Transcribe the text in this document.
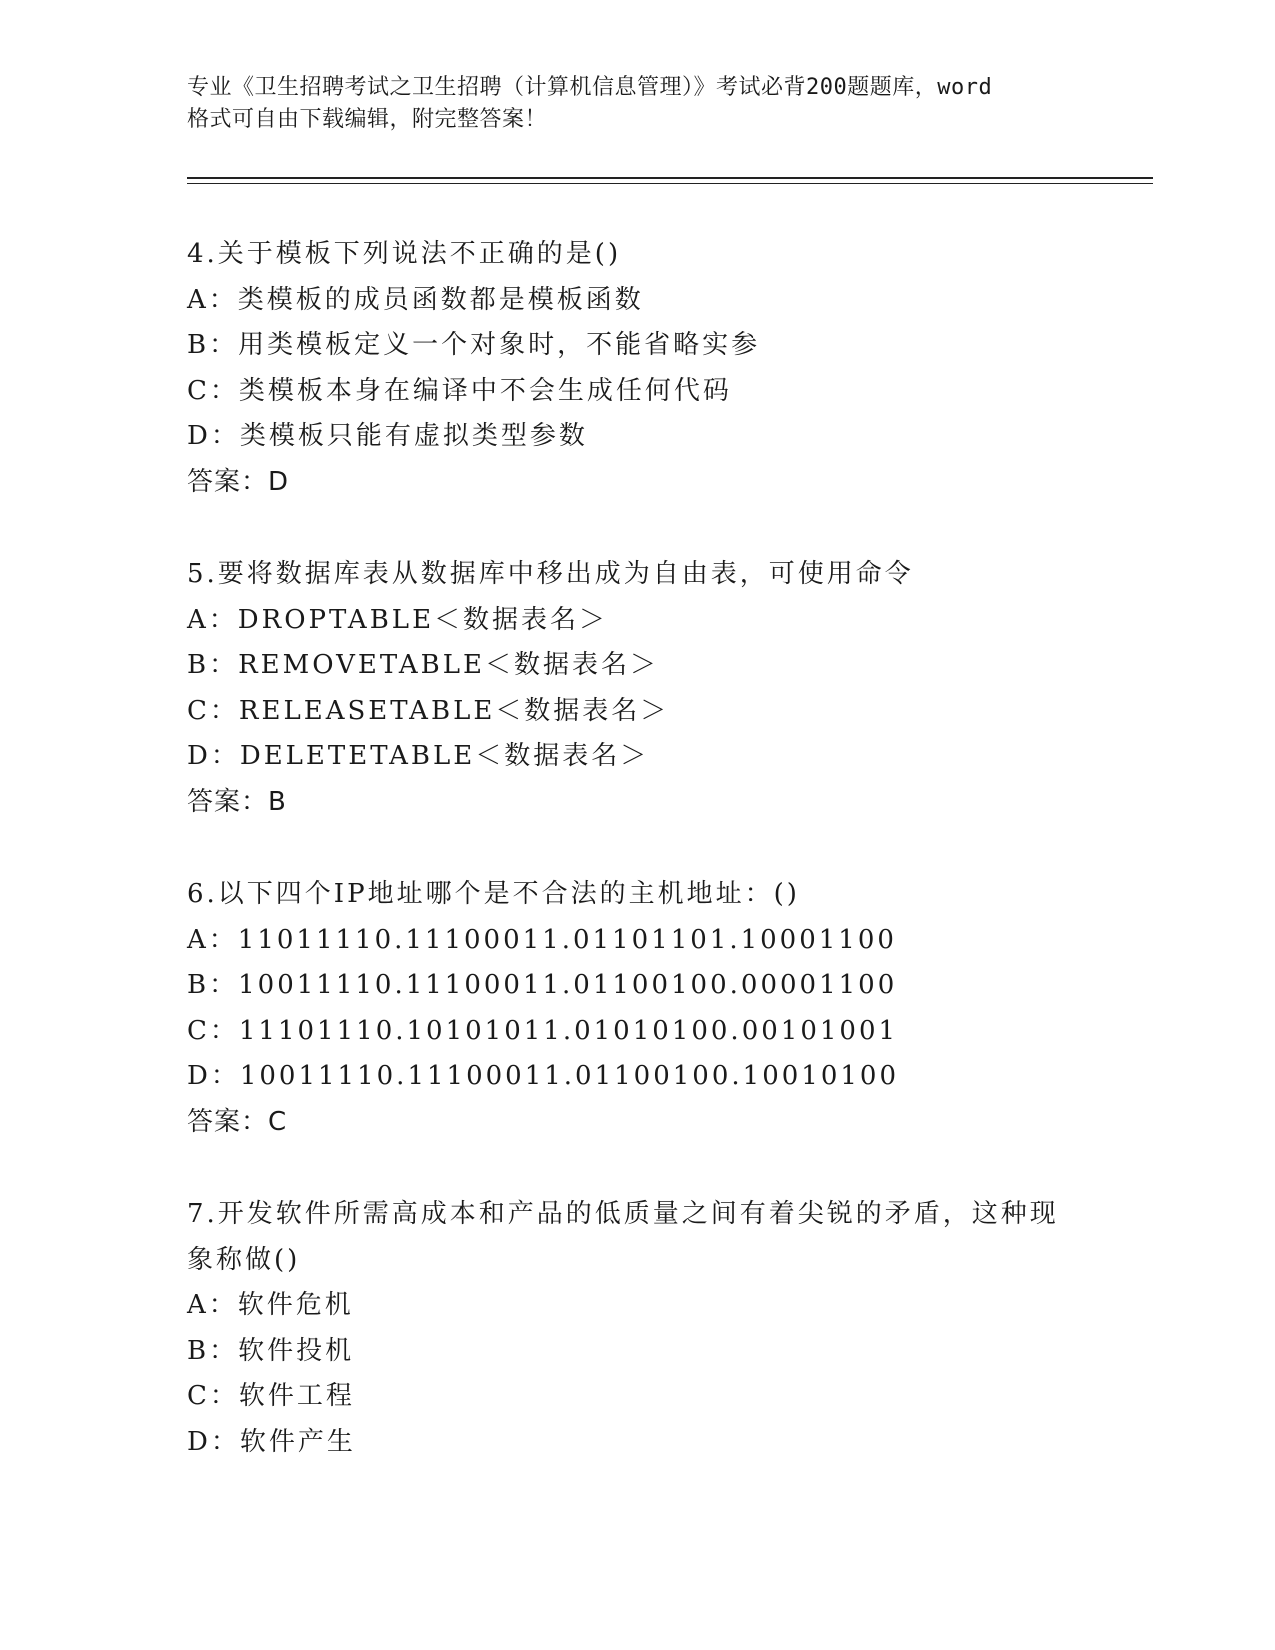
专业《卫生招聘考试之卫生招聘（计算机信息管理）》考试必背200题题库，word
格式可自由下载编辑，附完整答案！
4.关于模板下列说法不正确的是()
A：类模板的成员函数都是模板函数
B：用类模板定义一个对象时，不能省略实参
C：类模板本身在编译中不会生成任何代码
D：类模板只能有虚拟类型参数
答案：D
5.要将数据库表从数据库中移出成为自由表，可使用命令
A：DROPTABLE＜数据表名＞
B：REMOVETABLE＜数据表名＞
C：RELEASETABLE＜数据表名＞
D：DELETETABLE＜数据表名＞
答案：B
6.以下四个IP地址哪个是不合法的主机地址：()
A：11011110.11100011.01101101.10001100
B：10011110.11100011.01100100.00001100
C：11101110.10101011.01010100.00101001
D：10011110.11100011.01100100.10010100
答案：C
7.开发软件所需高成本和产品的低质量之间有着尖锐的矛盾，这种现
象称做()
A：软件危机
B：软件投机
C：软件工程
D：软件产生
